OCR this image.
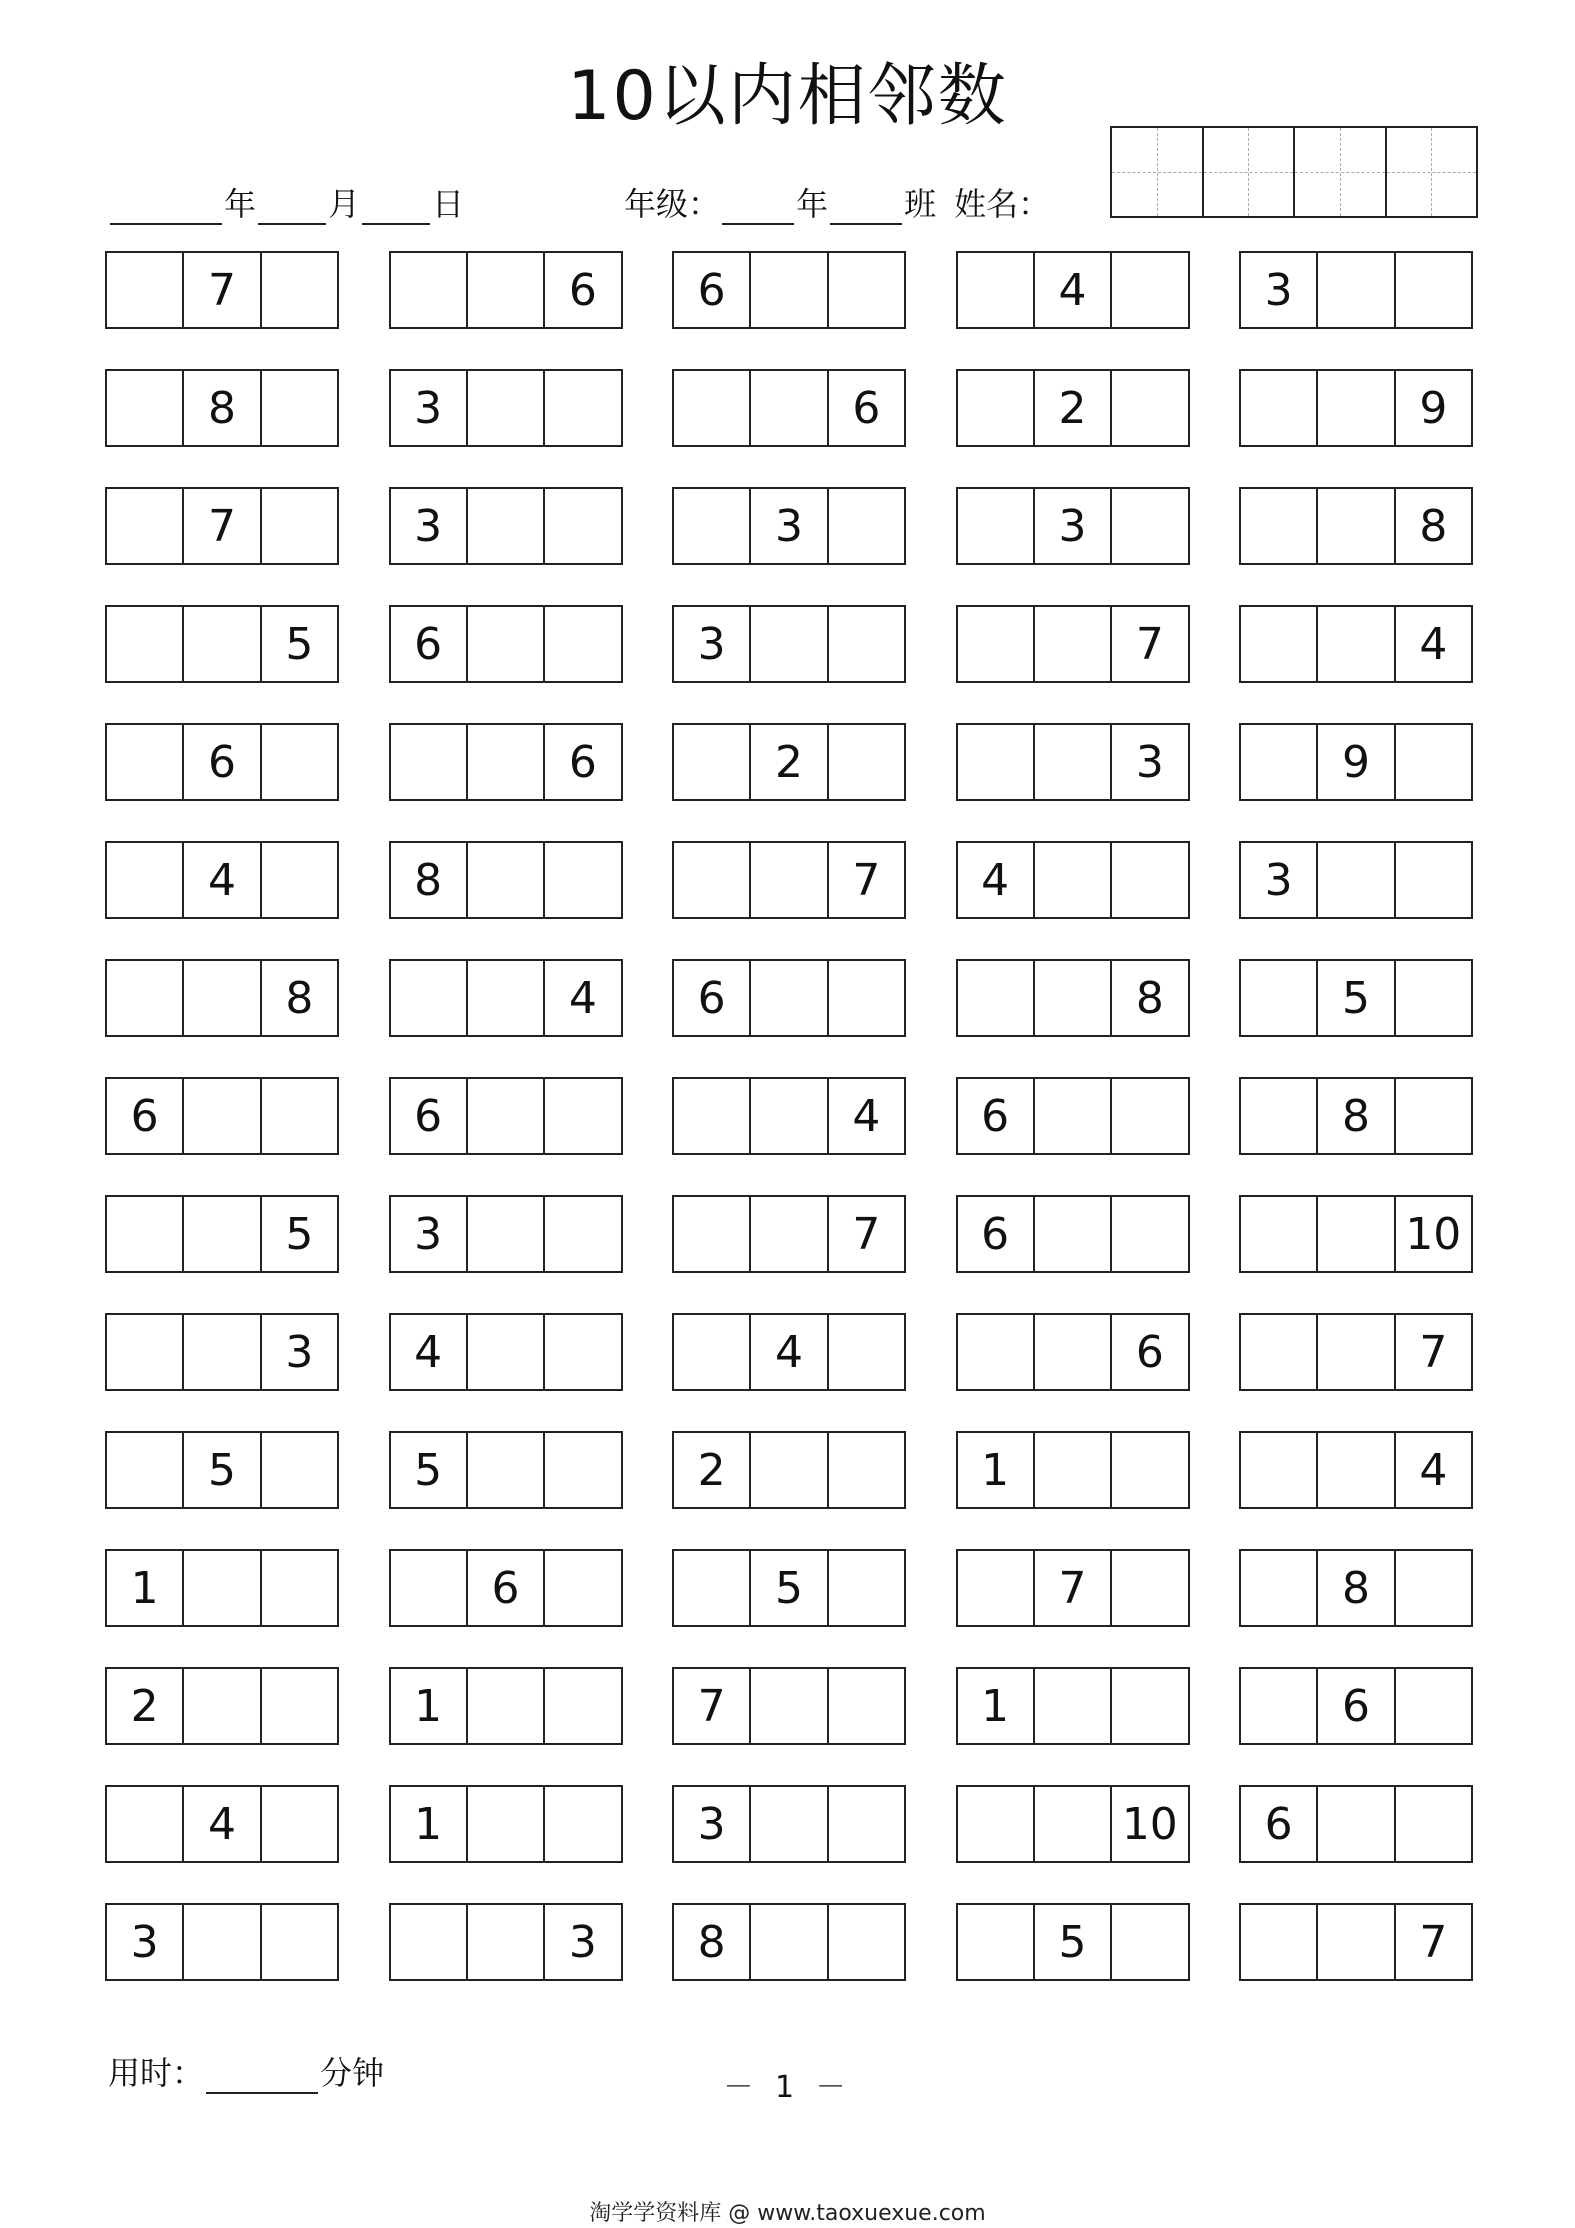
10以内相邻数
年 月 日	年级： 年 班 姓名：
7	6	6	4	3
8	3	6	2	9
7	3	3	3	8
5	6	3	7	4
6	6	2	3	9
4	8	7	4	3
8	4	6	8	5
6	6	4	6	8
5	3	7	6	10
3	4	4	6	7
5	5	2	1	4
1	6	5	7	8
2	1	7	1	6
4	1	3	10	6
3	3	8	5	7
用时：	分钟	－ 1 －
淘学学资料库 @ www.taoxuexue.com
